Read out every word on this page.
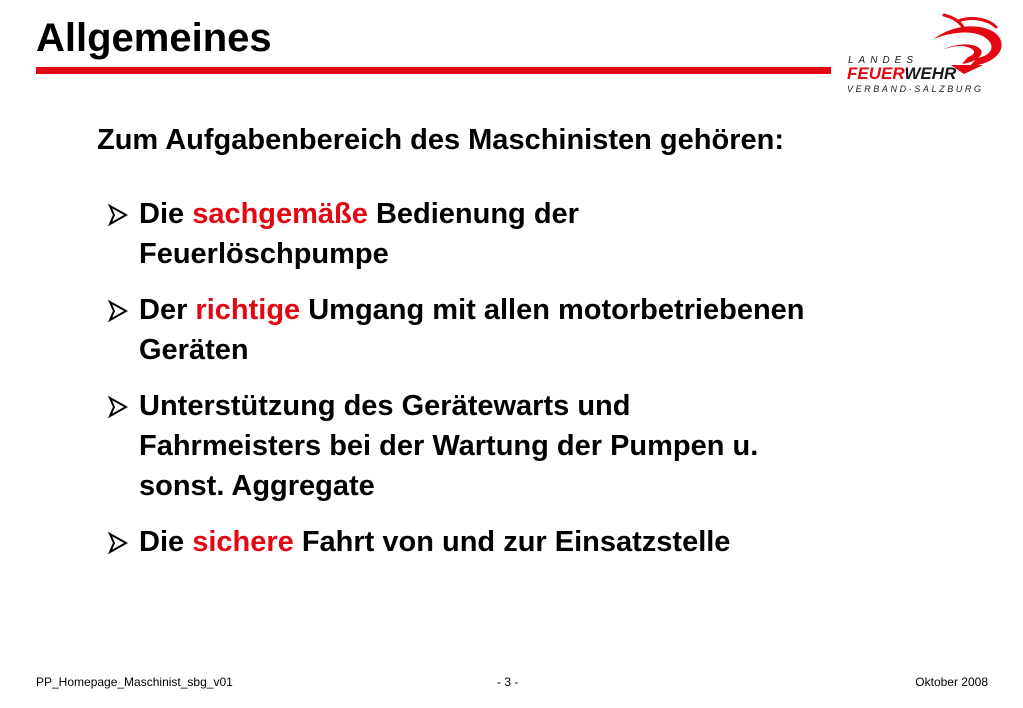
Allgemeines
LANDES
FEUERWEHR
VERBAND·SALZBURG

Zum Aufgabenbereich des Maschinisten gehören:

Die sachgemäße Bedienung der
Feuerlöschpumpe
Der richtige Umgang mit allen motorbetriebenen
Geräten
Unterstützung des Gerätewarts und
Fahrmeisters bei der Wartung der Pumpen u.
sonst. Aggregate
Die sichere Fahrt von und zur Einsatzstelle
PP_Homepage_Maschinist_sbg_v01	- 3 -	Oktober 2008
